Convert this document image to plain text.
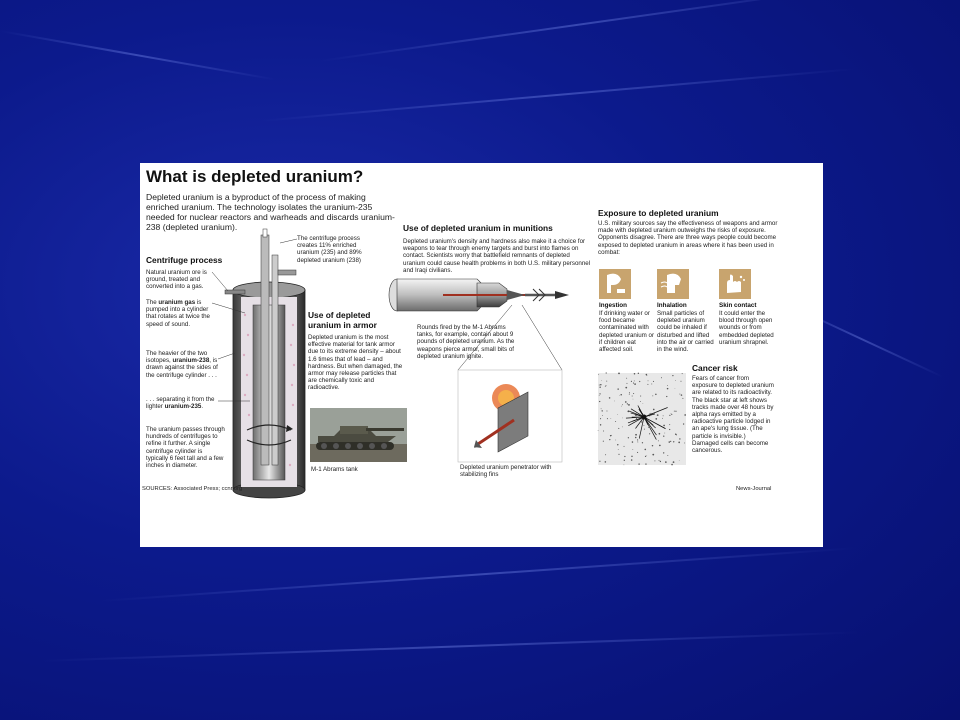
What is depleted uranium?
Depleted uranium is a byproduct of the process of making enriched uranium. The technology isolates the uranium-235 needed for nuclear reactors and warheads and discards uranium-238 (depleted uranium).
The centrifuge process creates 11% enriched uranium (235) and 89% depleted uranium (238)
Centrifuge process
Natural uranium ore is ground, treated and converted into a gas.
The uranium gas is pumped into a cylinder that rotates at twice the speed of sound.
The heavier of the two isotopes, uranium-238, is drawn against the sides of the centrifuge cylinder . . .
. . . separating it from the lighter uranium-235.
The uranium passes through hundreds of centrifuges to refine it further. A single centrifuge cylinder is typically 6 feet tall and a few inches in diameter.
Use of depleted uranium in armor
Depleted uranium is the most effective material for tank armor due to its extreme density – about 1.6 times that of lead – and hardness. But when damaged, the armor may release particles that are chemically toxic and radioactive.
M-1 Abrams tank
Use of depleted uranium in munitions
Depleted uranium's density and hardness also make it a choice for weapons to tear through enemy targets and burst into flames on contact. Scientists worry that battlefield remnants of depleted uranium could cause health problems in both U.S. military personnel and Iraqi civilians.
Rounds fired by the M-1 Abrams tanks, for example, contain about 9 pounds of depleted uranium. As the weapons pierce armor, small bits of depleted uranium ignite.
Depleted uranium penetrator with stabilizing fins
Exposure to depleted uranium
U.S. military sources say the effectiveness of weapons and armor made with depleted uranium outweighs the risks of exposure. Opponents disagree. There are three ways people could become exposed to depleted uranium in areas where it has been used in combat:
Ingestion
If drinking water or food became contaminated with depleted uranium or if children eat affected soil.
Inhalation
Small particles of depleted uranium could be inhaled if disturbed and lifted into the air or carried in the wind.
Skin contact
It could enter the blood through open wounds or from embedded depleted uranium shrapnel.
Cancer risk
Fears of cancer from exposure to depleted uranium are related to its radioactivity. The black star at left shows tracks made over 48 hours by alpha rays emitted by a radioactive particle lodged in an ape's lung tissue. (The particle is invisible.) Damaged cells can become cancerous.
SOURCES: Associated Press; ccnr.org	News-Journal
